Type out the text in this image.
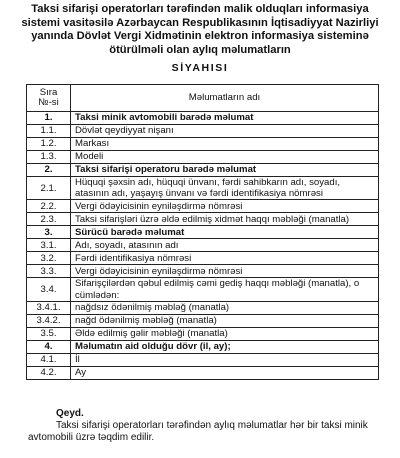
Taksi sifarişi operatorları tərəfindən malik olduqları informasiya sistemi vasitəsilə Azərbaycan Respublikasının İqtisadiyyat Nazirliyi yanında Dövlət Vergi Xidmətinin elektron informasiya sisteminə ötürülməli olan aylıq məlumatların

SİYAHISI

Sıra
№-si	Məlumatların adı
1.	Taksi minik avtomobili barədə məlumat
1.1.	Dövlət qeydiyyat nişanı
1.2.	Markası
1.3.	Modeli
2.	Taksi sifarişi operatoru barədə məlumat
2.1.	Hüquqi şəxsin adı, hüquqi ünvanı, fərdi sahibkarın adı, soyadı, atasının adı, yaşayış ünvanı və fərdi identifikasiya nömrəsi
2.2.	Vergi ödəyicisinin eyniləşdirmə nömrəsi
2.3.	Taksi sifarişləri üzrə əldə edilmiş xidmət haqqı məbləği (manatla)
3.	Sürücü barədə məlumat
3.1.	Adı, soyadı, atasının adı
3.2.	Fərdi identifikasiya nömrəsi
3.3.	Vergi ödəyicisinin eyniləşdirmə nömrəsi
3.4.	Sifarişçilərdən qəbul edilmiş cəmi gediş haqqı məbləği (manatla), o cümlədən:
3.4.1.	nağdsız ödənilmiş məbləğ (manatla)
3.4.2.	nağd ödənilmiş məbləğ (manatla)
3.5.	Əldə edilmiş gəlir məbləği (manatla)
4.	Məlumatın aid olduğu dövr (il, ay);
4.1.	İl
4.2.	Ay

Qeyd.

Taksi sifarişi operatorları tərəfindən aylıq məlumatlar hər bir taksi minik avtomobili üzrə təqdim edilir.
